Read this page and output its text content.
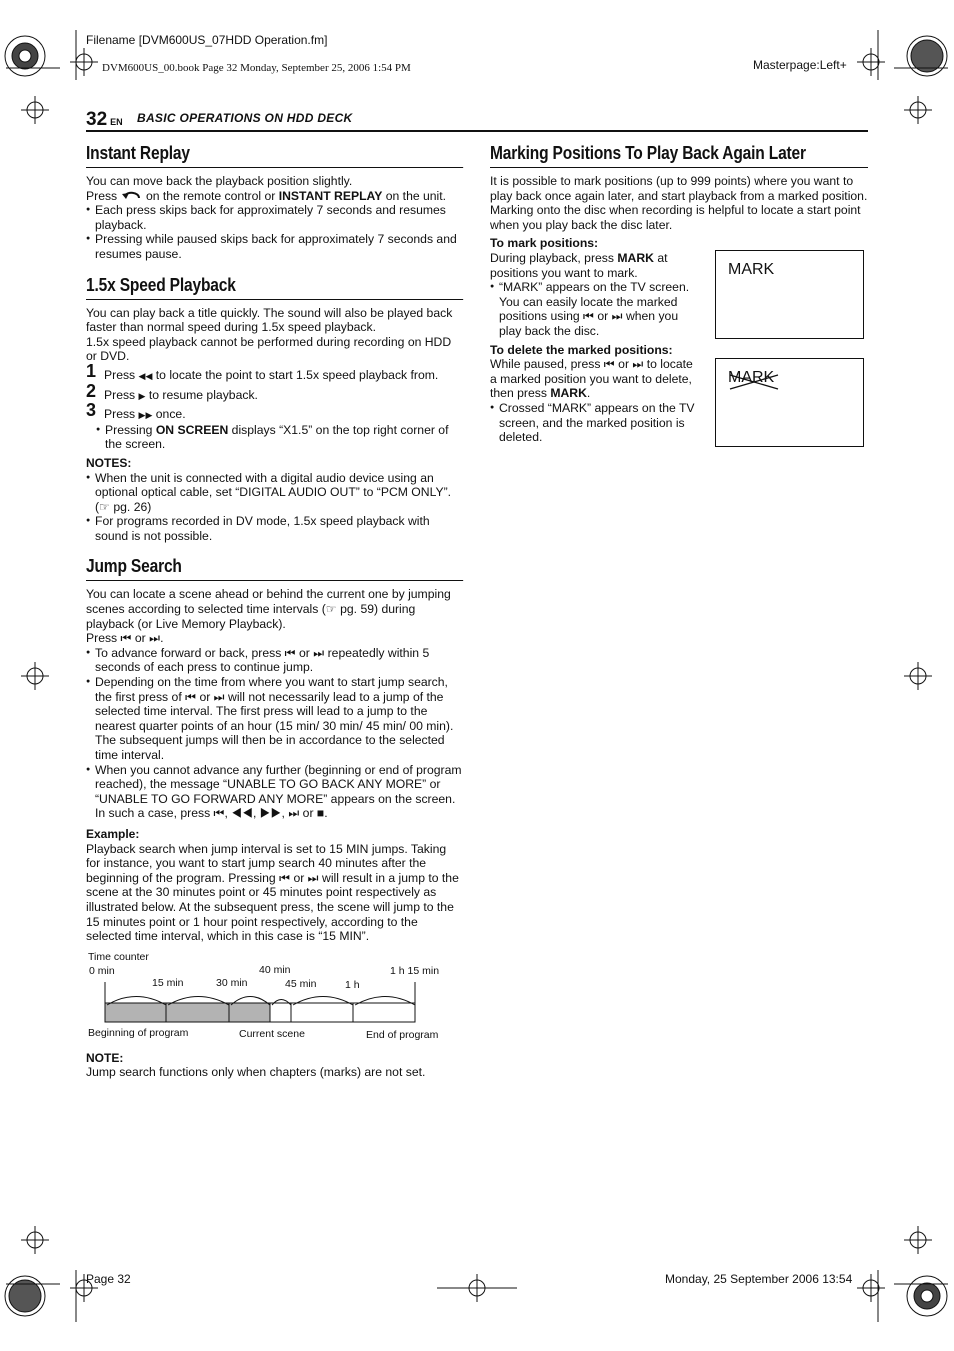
Filename [DVM600US_07HDD Operation.fm]
DVM600US_00.book Page 32 Monday, September 25, 2006 1:54 PM	Masterpage:Left+
Page 32	Monday, 25 September 2006 13:54
32 EN BASIC OPERATIONS ON HDD DECK
Instant Replay

You can move back the playback position slightly.

Press on the remote control or INSTANT REPLAY on the unit.

● Each press skips back for approximately 7 seconds and resumes playback.
● Pressing while paused skips back for approximately 7 seconds and resumes pause.
1.5x Speed Playback

You can play back a title quickly. The sound will also be played back faster than normal speed during 1.5x speed playback.

1.5x speed playback cannot be performed during recording on HDD or DVD.

1 Press ◀◀ to locate the point to start 1.5x speed playback from.
2 Press ▶ to resume playback.
3 Press ▶▶ once.
● Pressing ON SCREEN displays “X1.5” on the top right corner of the screen.
NOTES:
● When the unit is connected with a digital audio device using an optional optical cable, set “DIGITAL AUDIO OUT” to “PCM ONLY”. (☞ pg. 26)
● For programs recorded in DV mode, 1.5x speed playback with sound is not possible.
Jump Search

You can locate a scene ahead or behind the current one by jumping scenes according to selected time intervals (☞ pg. 59) during playback (or Live Memory Playback).

Press ⏮ or ⏭.

● To advance forward or back, press ⏮ or ⏭ repeatedly within 5 seconds of each press to continue jump.
● Depending on the time from where you want to start jump search, the first press of ⏮ or ⏭ will not necessarily lead to a jump of the selected time interval. The first press will lead to a jump to the nearest quarter points of an hour (15 min/ 30 min/ 45 min/ 00 min). The subsequent jumps will then be in accordance to the selected time interval.
● When you cannot advance any further (beginning or end of program reached), the message “UNABLE TO GO BACK ANY MORE” or “UNABLE TO GO FORWARD ANY MORE” appears on the screen. In such a case, press ⏮, ◀◀, ▶▶, ⏭ or ■.
Example:

Playback search when jump interval is set to 15 MIN jumps. Taking for instance, you want to start jump search 40 minutes after the beginning of the program. Pressing ⏮ or ⏭ will result in a jump to the scene at the 30 minutes point or 45 minutes point respectively as illustrated below. At the subsequent press, the scene will jump to the 15 minutes point or 1 hour point respectively, according to the selected time interval, which in this case is “15 MIN”.

Time counter
0 min
15 min	30 min
40 min
45 min	1 h
1 h 15 min
Beginning of program	Current scene	End of program
NOTE:

Jump search functions only when chapters (marks) are not set.

Marking Positions To Play Back Again Later

It is possible to mark positions (up to 999 points) where you want to play back once again later, and start playback from a marked position. Marking onto the disc when recording is helpful to locate a start point when you play back the disc later.

To mark positions:

During playback, press MARK at positions you want to mark.

● “MARK” appears on the TV screen. You can easily locate the marked positions using ⏮ or ⏭ when you play back the disc.
To delete the marked positions:

While paused, press ⏮ or ⏭ to locate a marked position you want to delete, then press MARK.

● Crossed “MARK” appears on the TV screen, and the marked position is deleted.
MARK
MARK
